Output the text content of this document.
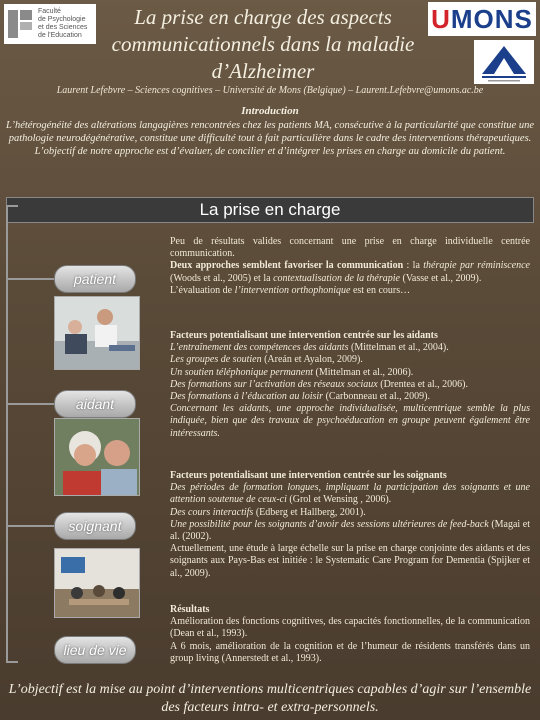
Faculté
de Psychologie
et des Sciences
de l'Education
U MONS
La prise en charge des aspects communicationnels dans la maladie d’Alzheimer
Laurent Lefebvre – Sciences cognitives – Université de Mons (Belgique) – Laurent.Lefebvre@umons.ac.be
Introduction
L’hétérogénéité des altérations langagières rencontrées chez les patients MA, consécutive à la particularité que constitue une pathologie neurodégénérative, constitue une difficulté tout à fait particulière dans le cadre des interventions thérapeutiques. L’objectif de notre approche est d’évaluer, de concilier et d’intégrer les prises en charge au domicile du patient.
La prise en charge
patient
aidant
soignant
lieu de vie
Peu de résultats valides concernant une prise en charge individuelle centrée communication.
Deux approches semblent favoriser la communication : la thérapie par réminiscence (Woods et al., 2005) et la contextualisation de la thérapie (Vasse et al., 2009).
L’évaluation de l’intervention orthophonique est en cours…
Facteurs potentialisant une intervention centrée sur les aidants
L’entraînement des compétences des aidants (Mittelman et al., 2004).
Les groupes de soutien (Areán et Ayalon, 2009).
Un soutien téléphonique permanent (Mittelman et al., 2006).
Des formations sur l’activation des réseaux sociaux (Drentea et al., 2006).
Des formations à l’éducation au loisir (Carbonneau et al., 2009).
Concernant les aidants, une approche individualisée, multicentrique semble la plus indiquée, bien que des travaux de psychoéducation en groupe peuvent également être intéressants.
Facteurs potentialisant une intervention centrée sur les soignants
Des périodes de formation longues, impliquant la participation des soignants et une attention soutenue de ceux-ci (Grol et Wensing , 2006).
Des cours interactifs (Edberg et Hallberg, 2001).
Une possibilité pour les soignants d’avoir des sessions ultérieures de feed-back (Magai et al. (2002).
Actuellement, une étude à large échelle sur la prise en charge conjointe des aidants et des soignants aux Pays-Bas est initiée : le Systematic Care Program for Dementia (Spijker et al., 2009).
Résultats
Amélioration des fonctions cognitives, des capacités fonctionnelles, de la communication (Dean et al., 1993).
A 6 mois, amélioration de la cognition et de l’humeur de résidents transférés dans un group living (Annerstedt et al., 1993).
L’objectif est la mise au point d’interventions multicentriques capables d’agir sur l’ensemble des facteurs intra- et extra-personnels.
